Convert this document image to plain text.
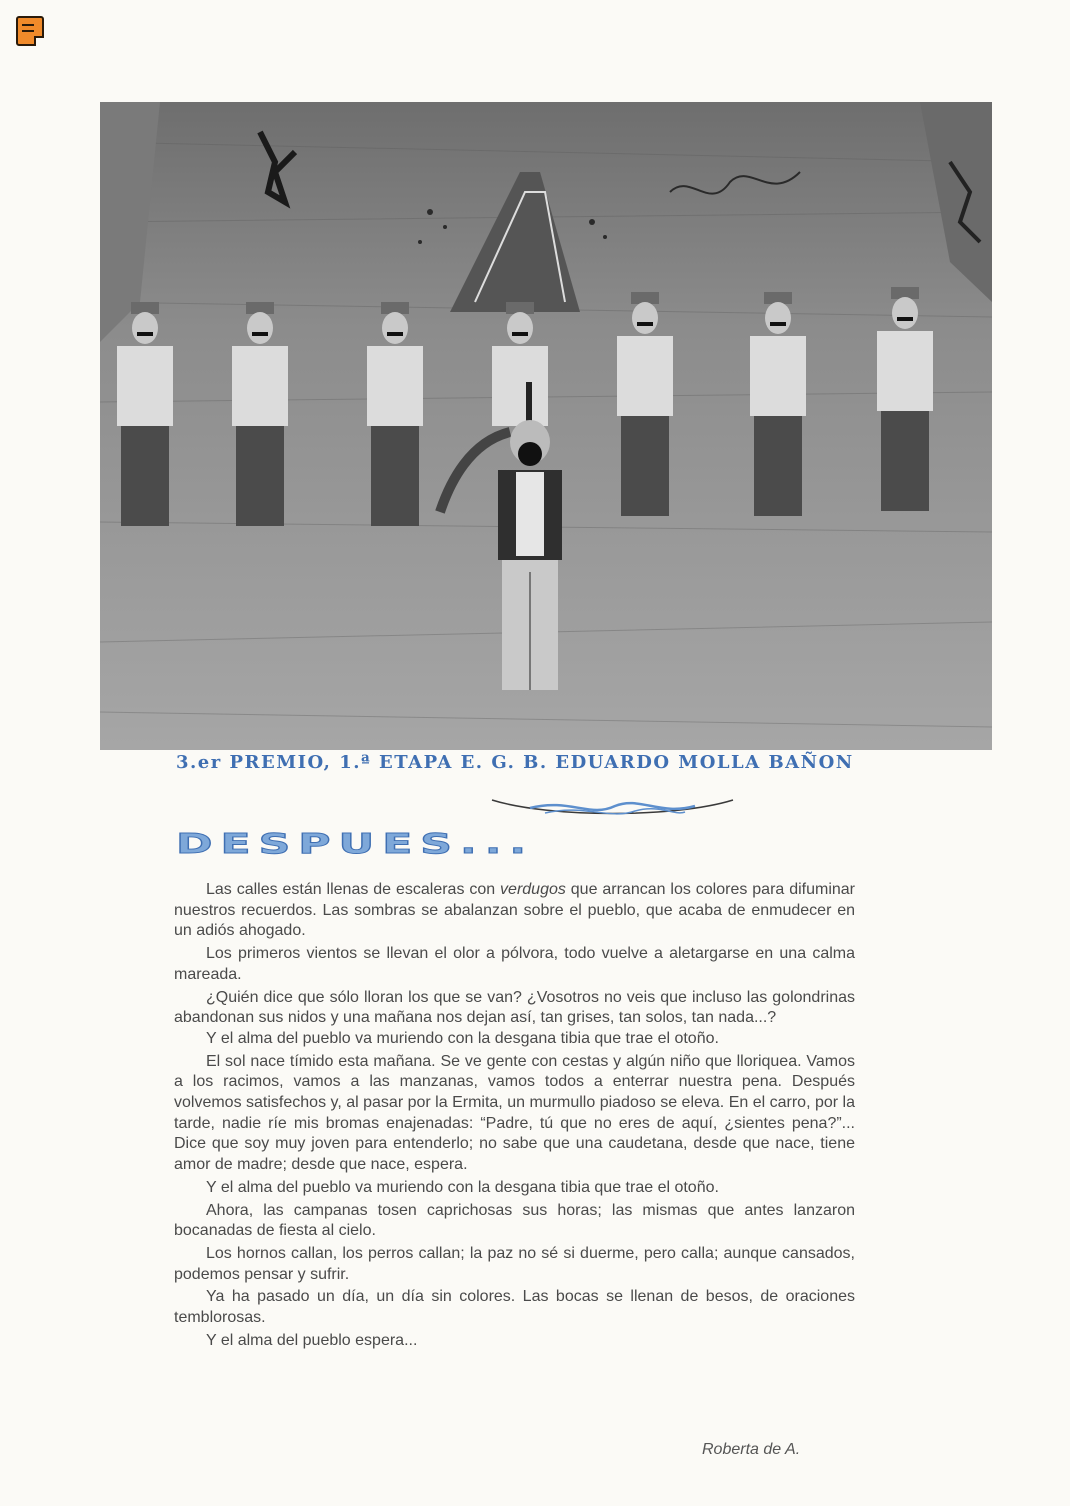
3.er PREMIO, 1.ª ETAPA E. G. B. EDUARDO MOLLA BAÑON
DESPUES...

Las calles están llenas de escaleras con verdugos que arrancan los colores para difuminar nuestros recuerdos. Las sombras se abalanzan sobre el pueblo, que acaba de enmudecer en un adiós ahogado.

Los primeros vientos se llevan el olor a pólvora, todo vuelve a aletargarse en una calma mareada.

¿Quién dice que sólo lloran los que se van? ¿Vosotros no veis que incluso las golondrinas abandonan sus nidos y una mañana nos dejan así, tan grises, tan solos, tan nada...?

Y el alma del pueblo va muriendo con la desgana tibia que trae el otoño.

El sol nace tímido esta mañana. Se ve gente con cestas y algún niño que lloriquea. Vamos a los racimos, vamos a las manzanas, vamos todos a enterrar nuestra pena. Después volvemos satisfechos y, al pasar por la Ermita, un murmullo piadoso se eleva. En el carro, por la tarde, nadie ríe mis bromas enajenadas: “Padre, tú que no eres de aquí, ¿sientes pena?”... Dice que soy muy joven para entenderlo; no sabe que una caudetana, desde que nace, tiene amor de madre; desde que nace, espera.

Y el alma del pueblo va muriendo con la desgana tibia que trae el otoño.

Ahora, las campanas tosen caprichosas sus horas; las mismas que antes lanzaron bocanadas de fiesta al cielo.

Los hornos callan, los perros callan; la paz no sé si duerme, pero calla; aunque cansados, podemos pensar y sufrir.

Ya ha pasado un día, un día sin colores. Las bocas se llenan de besos, de oraciones temblorosas.

Y el alma del pueblo espera...

Roberta de A.
